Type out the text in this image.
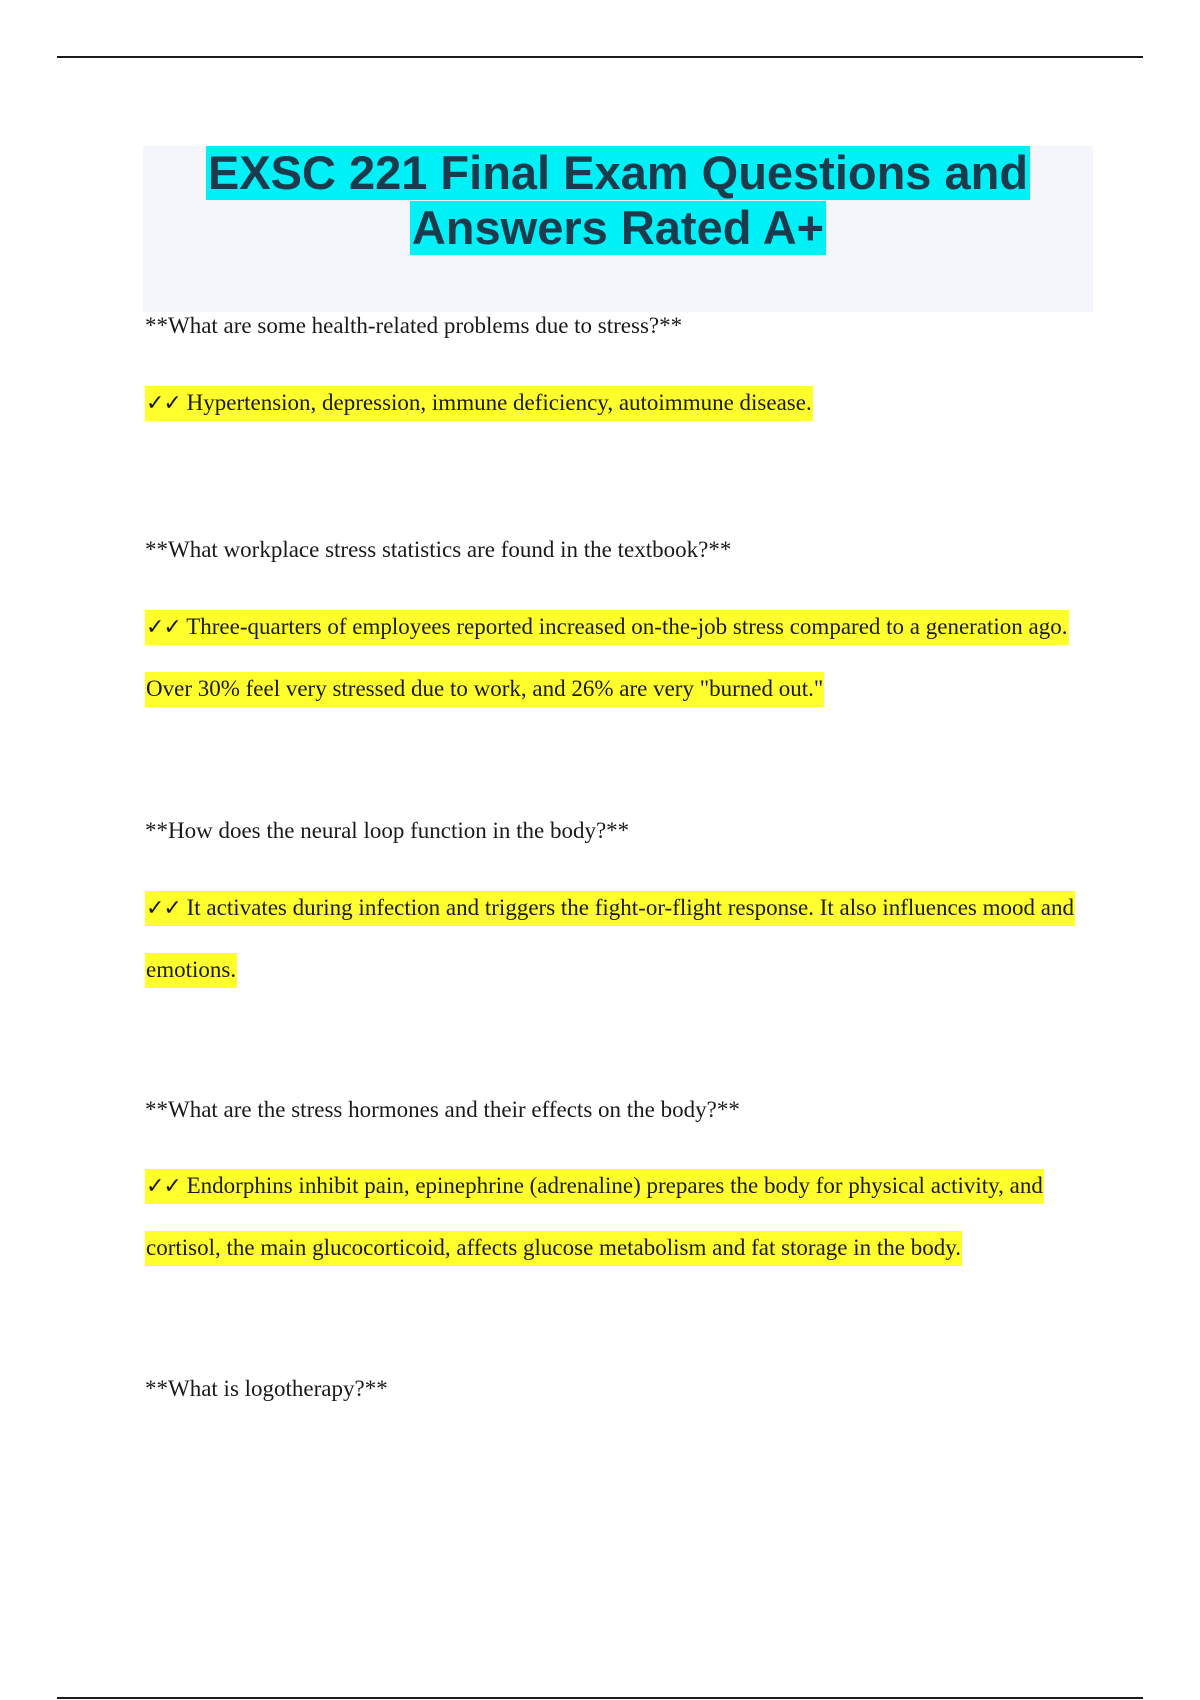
EXSC 221 Final Exam Questions and
Answers Rated A+
**What are some health-related problems due to stress?**
✓✓ Hypertension, depression, immune deficiency, autoimmune disease.
**What workplace stress statistics are found in the textbook?**
✓✓ Three-quarters of employees reported increased on-the-job stress compared to a generation ago. Over 30% feel very stressed due to work, and 26% are very "burned out."
**How does the neural loop function in the body?**
✓✓ It activates during infection and triggers the fight-or-flight response. It also influences mood and emotions.
**What are the stress hormones and their effects on the body?**
✓✓ Endorphins inhibit pain, epinephrine (adrenaline) prepares the body for physical activity, and cortisol, the main glucocorticoid, affects glucose metabolism and fat storage in the body.
**What is logotherapy?**
